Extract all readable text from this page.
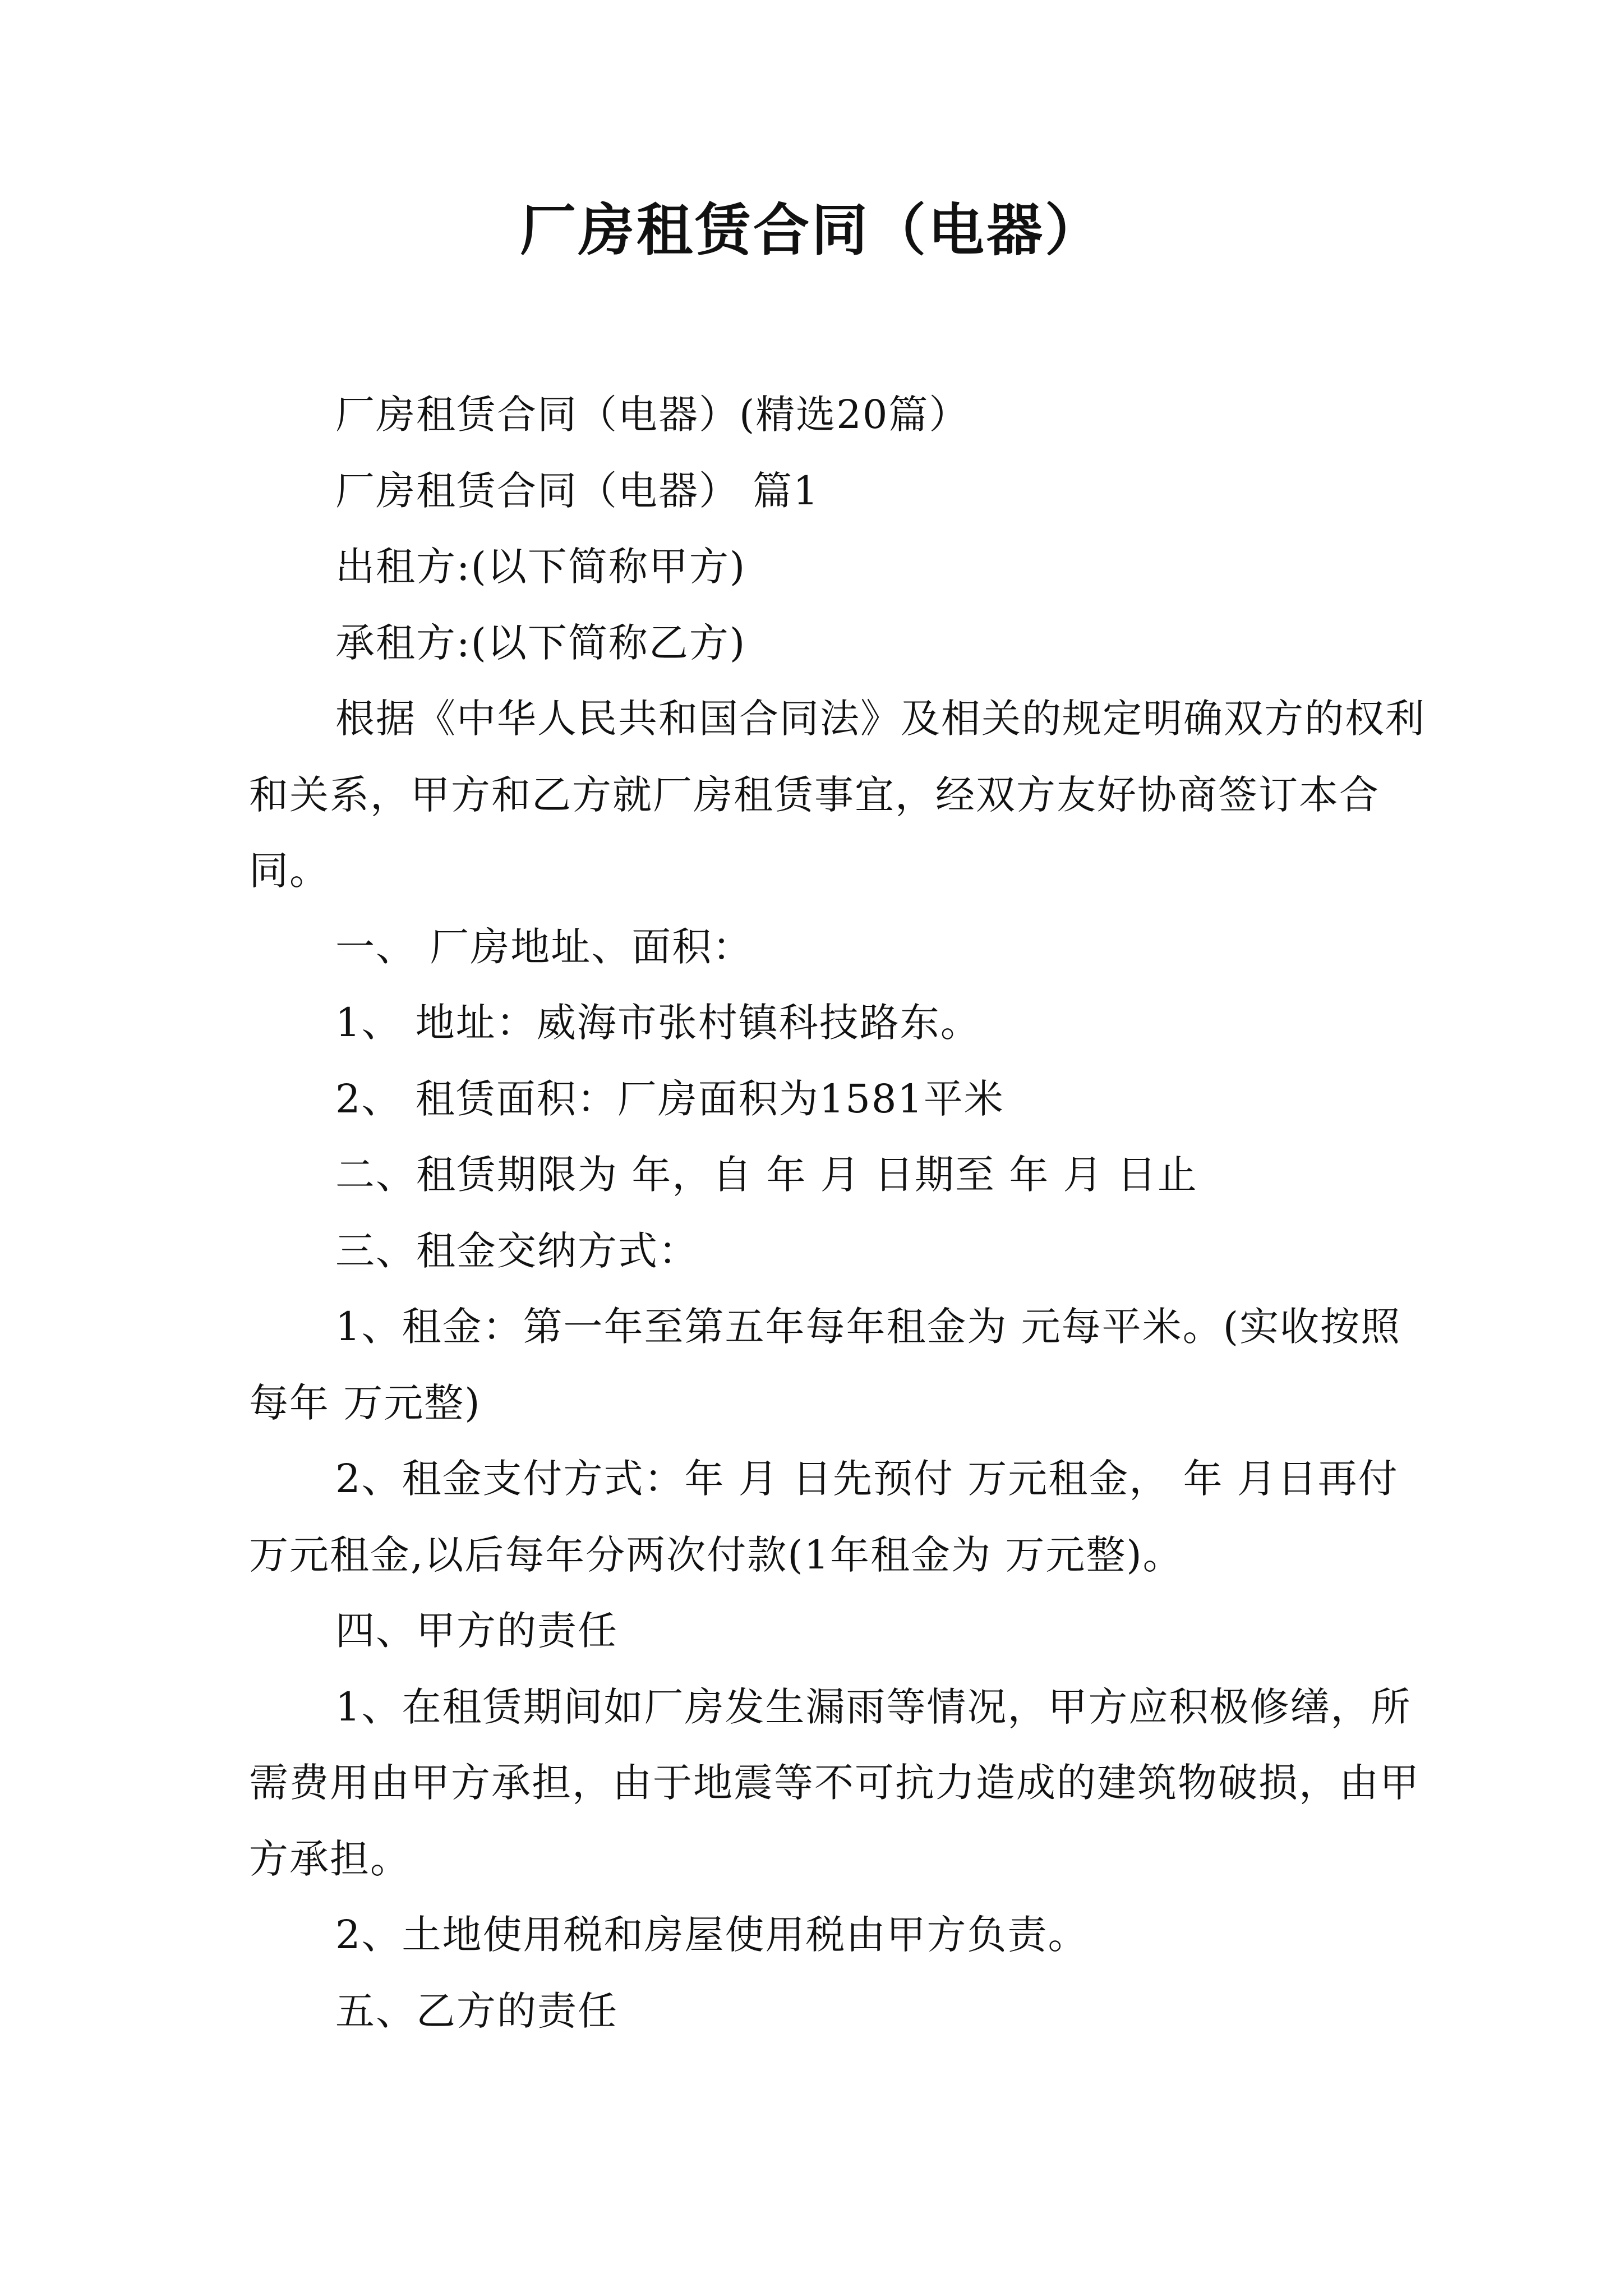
厂房租赁合同（电器）

厂房租赁合同（电器）(精选20篇）

厂房租赁合同（电器） 篇1

出租方:(以下简称甲方)

承租方:(以下简称乙方)

根据《中华人民共和国合同法》及相关的规定明确双方的权利和关系，甲方和乙方就厂房租赁事宜，经双方友好协商签订本合同。

一、 厂房地址、面积：

1、 地址：威海市张村镇科技路东。

2、 租赁面积：厂房面积为1581平米

二、租赁期限为 年，自 年 月 日期至 年 月 日止

三、租金交纳方式：

1、租金：第一年至第五年每年租金为 元每平米。(实收按照每年 万元整)

2、租金支付方式：年 月 日先预付 万元租金， 年 月日再付万元租金,以后每年分两次付款(1年租金为 万元整)。

四、甲方的责任

1、在租赁期间如厂房发生漏雨等情况，甲方应积极修缮，所需费用由甲方承担，由于地震等不可抗力造成的建筑物破损，由甲方承担。

2、土地使用税和房屋使用税由甲方负责。

五、乙方的责任
